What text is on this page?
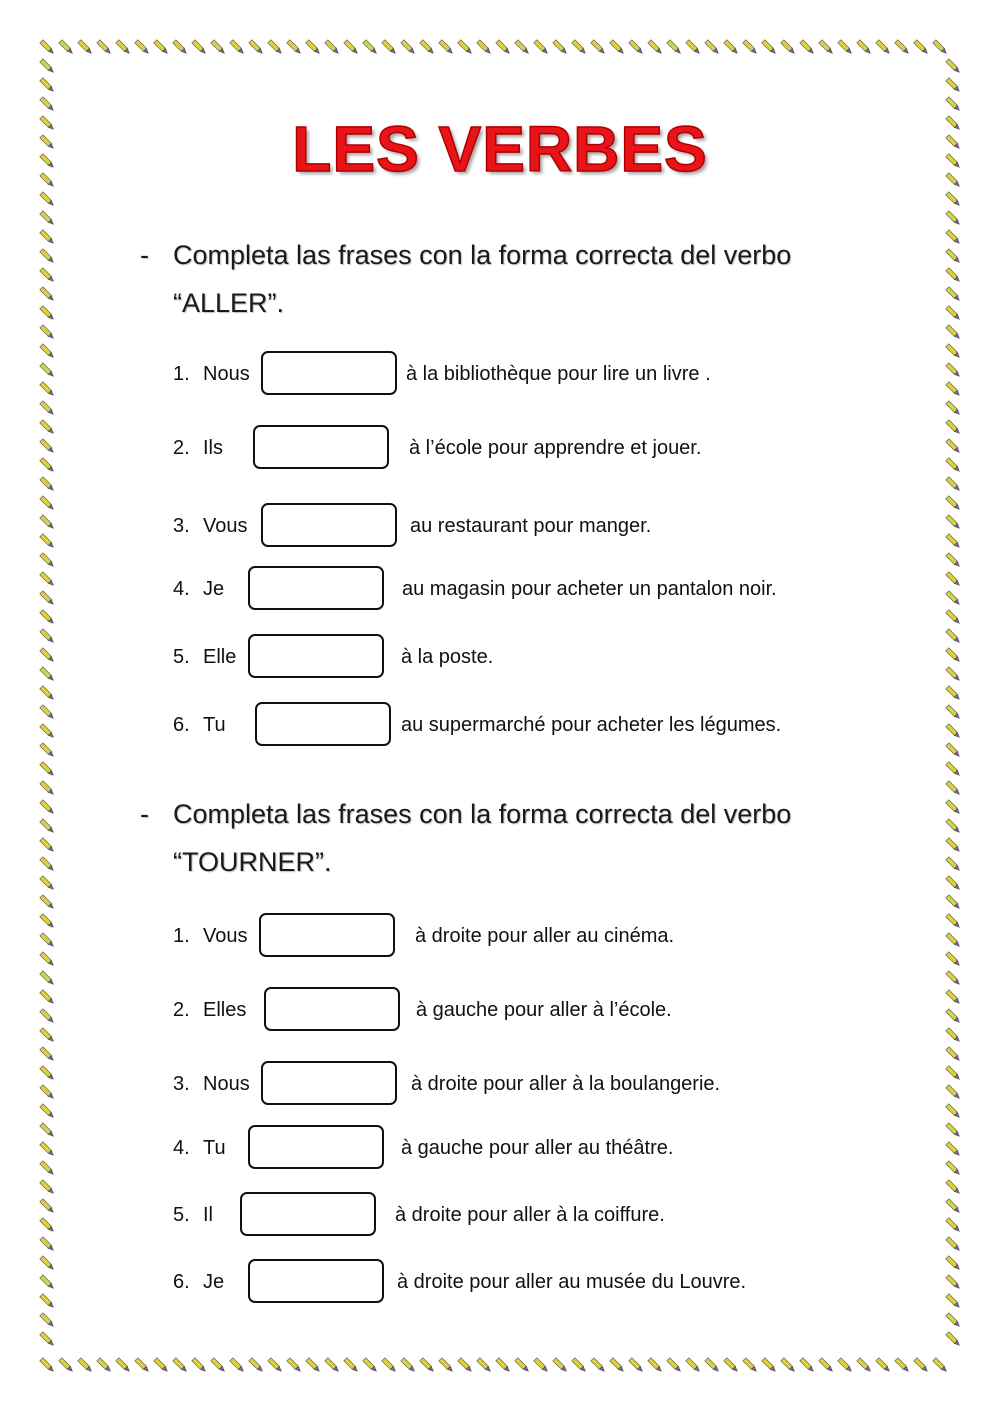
LES VERBES
- Completa las frases con la forma correcta del verbo
“ALLER”.
1. Nous	à la bibliothèque pour lire un livre .
2. Ils	à l’école pour apprendre et jouer.
3. Vous	au restaurant pour manger.
4. Je	au magasin pour acheter un pantalon noir.
5. Elle	à la poste.
6. Tu	au supermarché pour acheter les légumes.
- Completa las frases con la forma correcta del verbo
“TOURNER”.
1. Vous	à droite pour aller au cinéma.
2. Elles	à gauche pour aller à l’école.
3. Nous	à droite pour aller à la boulangerie.
4. Tu	à gauche pour aller au théâtre.
5. Il	à droite pour aller à la coiffure.
6. Je	à droite pour aller au musée du Louvre.
